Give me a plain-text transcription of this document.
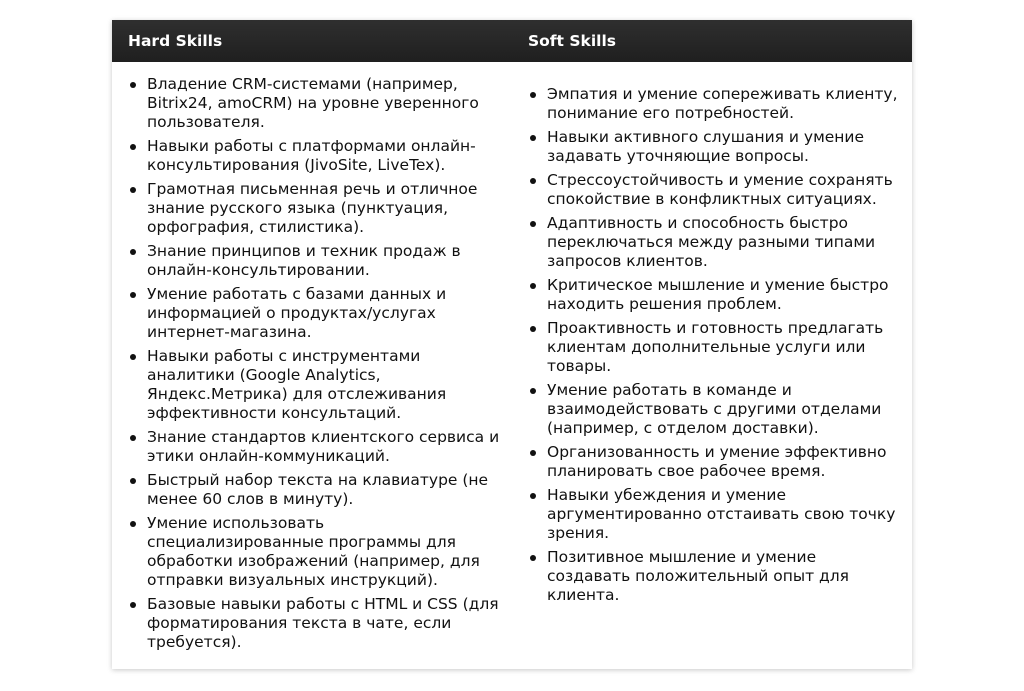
Hard Skills	Soft Skills
Владение CRM-системами (например, Bitrix24, amoCRM) на уровне уверенного пользователя.
Навыки работы с платформами онлайн-консультирования (JivoSite, LiveTex).
Грамотная письменная речь и отличное знание русского языка (пунктуация, орфография, стилистика).
Знание принципов и техник продаж в онлайн-консультировании.
Умение работать с базами данных и информацией о продуктах/услугах интернет-магазина.
Навыки работы с инструментами аналитики (Google Analytics, Яндекс.Метрика) для отслеживания эффективности консультаций.
Знание стандартов клиентского сервиса и этики онлайн-коммуникаций.
Быстрый набор текста на клавиатуре (не менее 60 слов в минуту).
Умение использовать специализированные программы для обработки изображений (например, для отправки визуальных инструкций).
Базовые навыки работы с HTML и CSS (для форматирования текста в чате, если требуется).
Эмпатия и умение сопереживать клиенту, понимание его потребностей.
Навыки активного слушания и умение задавать уточняющие вопросы.
Стрессоустойчивость и умение сохранять спокойствие в конфликтных ситуациях.
Адаптивность и способность быстро переключаться между разными типами запросов клиентов.
Критическое мышление и умение быстро находить решения проблем.
Проактивность и готовность предлагать клиентам дополнительные услуги или товары.
Умение работать в команде и взаимодействовать с другими отделами (например, с отделом доставки).
Организованность и умение эффективно планировать свое рабочее время.
Навыки убеждения и умение аргументированно отстаивать свою точку зрения.
Позитивное мышление и умение создавать положительный опыт для клиента.
